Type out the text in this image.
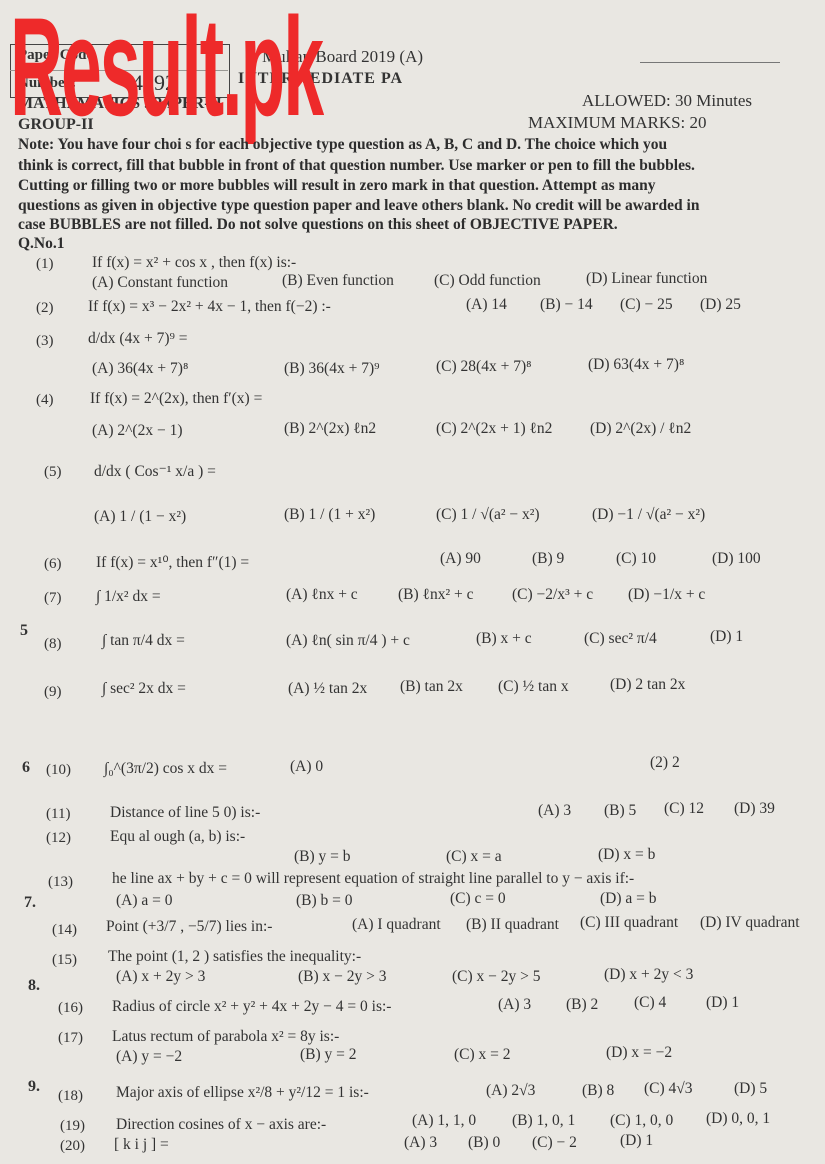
Paper Code
Number:	4192
Multan Board 2019 (A)
INTERMEDIATE PA
MATHEMATICS . PAPER-II
GROUP-II
ALLOWED: 30 Minutes
MAXIMUM MARKS: 20
Result.pk
Note: You have four choi s for each objective type question as A, B, C and D. The choice which you
think is correct, fill that bubble in front of that question number. Use marker or pen to fill the bubbles.
Cutting or filling two or more bubbles will result in zero mark in that question. Attempt as many
questions as given in objective type question paper and leave others blank. No credit will be awarded in
case BUBBLES are not filled. Do not solve questions on this sheet of OBJECTIVE PAPER.
Q.No.1
5
6
7.
8.
9.
(1) If f(x) = x² + cos x , then f(x) is:-
(A) Constant function	(B) Even function	(C) Odd function	(D) Linear function
(2) If f(x) = x³ − 2x² + 4x − 1, then f(−2) :-	(A) 14 (B) − 14 (C) − 25 (D) 25
(3) d/dx (4x + 7)⁹ =
(A) 36(4x + 7)⁸	(B) 36(4x + 7)⁹	(C) 28(4x + 7)⁸	(D) 63(4x + 7)⁸
(4) If f(x) = 2^(2x), then f′(x) =
(A) 2^(2x − 1)	(B) 2^(2x) ℓn2	(C) 2^(2x + 1) ℓn2 (D) 2^(2x) / ℓn2
(5) d/dx ( Cos⁻¹ x/a ) =
(A) 1 / (1 − x²)	(B) 1 / (1 + x²)	(C) 1 / √(a² − x²)	(D) −1 / √(a² − x²)
(6) If f(x) = x¹⁰, then f″(1) =	(A) 90	(B) 9	(C) 10	(D) 100
(7) ∫ 1/x² dx =	(A) ℓnx + c	(B) ℓnx² + c (C) −2/x³ + c (D) −1/x + c
(8)	∫ tan π/4 dx =	(A) ℓn( sin π/4 ) + c	(B) x + c	(C) sec² π/4	(D) 1
(9)	∫ sec² 2x dx =	(A) ½ tan 2x (B) tan 2x (C) ½ tan x	(D) 2 tan 2x
(10) ∫₀^(3π/2) cos x dx =	(A) 0	(2) 2
(11)	Distance of line 5 0) is:-	(A) 3 (B) 5 (C) 12 (D) 39
(12)	Equ al ough (a, b) is:-
(B) y = b	(C) x = a	(D) x = b
(13)	he line ax + by + c = 0 will represent equation of straight line parallel to y − axis if:-
(A) a = 0	(B) b = 0	(C) c = 0	(D) a = b
(14) Point (+3/7 , −5/7) lies in:-	(A) I quadrant (B) II quadrant (C) III quadrant (D) IV quadrant
(15) The point (1, 2 ) satisfies the inequality:-
(A) x + 2y > 3	(B) x − 2y > 3	(C) x − 2y > 5	(D) x + 2y < 3
(16) Radius of circle x² + y² + 4x + 2y − 4 = 0 is:-	(A) 3 (B) 2 (C) 4	(D) 1
(17) Latus rectum of parabola x² = 8y is:-
(A) y = −2	(B) y = 2	(C) x = 2	(D) x = −2
(18) Major axis of ellipse x²/8 + y²/12 = 1 is:-	(A) 2√3	(B) 8 (C) 4√3	(D) 5
(19) Direction cosines of x − axis are:-	(A) 1, 1, 0 (B) 1, 0, 1 (C) 1, 0, 0 (D) 0, 0, 1
(20) [ k i j ] =	(A) 3 (B) 0 (C) − 2	(D) 1
